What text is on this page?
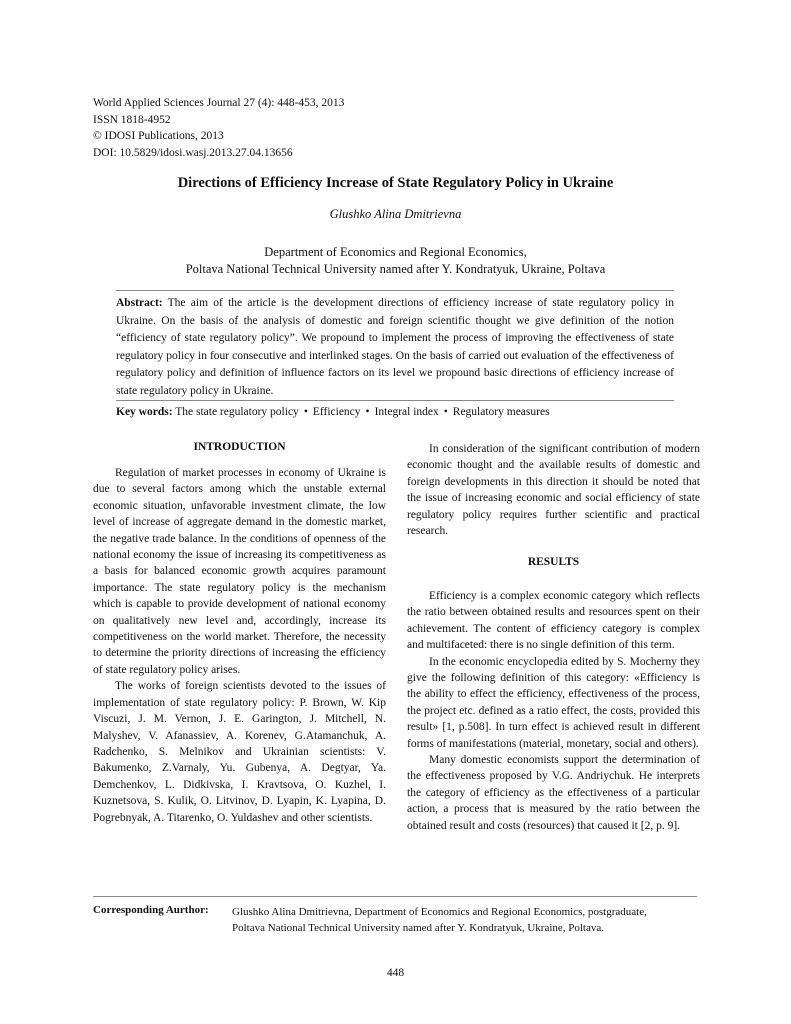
World Applied Sciences Journal 27 (4): 448-453, 2013
ISSN 1818-4952
© IDOSI Publications, 2013
DOI: 10.5829/idosi.wasj.2013.27.04.13656
Directions of Efficiency Increase of State Regulatory Policy in Ukraine
Glushko Alina Dmitrievna
Department of Economics and Regional Economics,
Poltava National Technical University named after Y. Kondratyuk, Ukraine, Poltava
Abstract: The aim of the article is the development directions of efficiency increase of state regulatory policy in Ukraine. On the basis of the analysis of domestic and foreign scientific thought we give definition of the notion “efficiency of state regulatory policy”. We propound to implement the process of improving the effectiveness of state regulatory policy in four consecutive and interlinked stages. On the basis of carried out evaluation of the effectiveness of regulatory policy and definition of influence factors on its level we propound basic directions of efficiency increase of state regulatory policy in Ukraine.
Key words: The state regulatory policy • Efficiency • Integral index • Regulatory measures
INTRODUCTION

Regulation of market processes in economy of Ukraine is due to several factors among which the unstable external economic situation, unfavorable investment climate, the low level of increase of aggregate demand in the domestic market, the negative trade balance. In the conditions of openness of the national economy the issue of increasing its competitiveness as a basis for balanced economic growth acquires paramount importance. The state regulatory policy is the mechanism which is capable to provide development of national economy on qualitatively new level and, accordingly, increase its competitiveness on the world market. Therefore, the necessity to determine the priority directions of increasing the efficiency of state regulatory policy arises.

The works of foreign scientists devoted to the issues of implementation of state regulatory policy: P. Brown, W. Kip Viscuzi, J. M. Vernon, J. E. Garington, J. Mitchell, N. Malyshev, V. Afanassiev, A. Korenev, G.Atamanchuk, A. Radchenko, S. Melnikov and Ukrainian scientists: V. Bakumenko, Z.Varnaly, Yu. Gubenya, A. Degtyar, Ya. Demchenkov, L. Didkivska, I. Kravtsova, O. Kuzhel, I. Kuznetsova, S. Kulik, O. Litvinov, D. Lyapin, K. Lyapina, D. Pogrebnyak, A. Titarenko, O. Yuldashev and other scientists.

In consideration of the significant contribution of modern economic thought and the available results of domestic and foreign developments in this direction it should be noted that the issue of increasing economic and social efficiency of state regulatory policy requires further scientific and practical research.

RESULTS

Efficiency is a complex economic category which reflects the ratio between obtained results and resources spent on their achievement. The content of efficiency category is complex and multifaceted: there is no single definition of this term.

In the economic encyclopedia edited by S. Mocherny they give the following definition of this category: «Efficiency is the ability to effect the efficiency, effectiveness of the process, the project etc. defined as a ratio effect, the costs, provided this result» [1, p.508]. In turn effect is achieved result in different forms of manifestations (material, monetary, social and others).

Many domestic economists support the determination of the effectiveness proposed by V.G. Andriychuk. He interprets the category of efficiency as the effectiveness of a particular action, a process that is measured by the ratio between the obtained result and costs (resources) that caused it [2, p. 9].

Corresponding Aurthor: Glushko Alina Dmitrievna, Department of Economics and Regional Economics, postgraduate,
Poltava National Technical University named after Y. Kondratyuk, Ukraine, Poltava.
448
